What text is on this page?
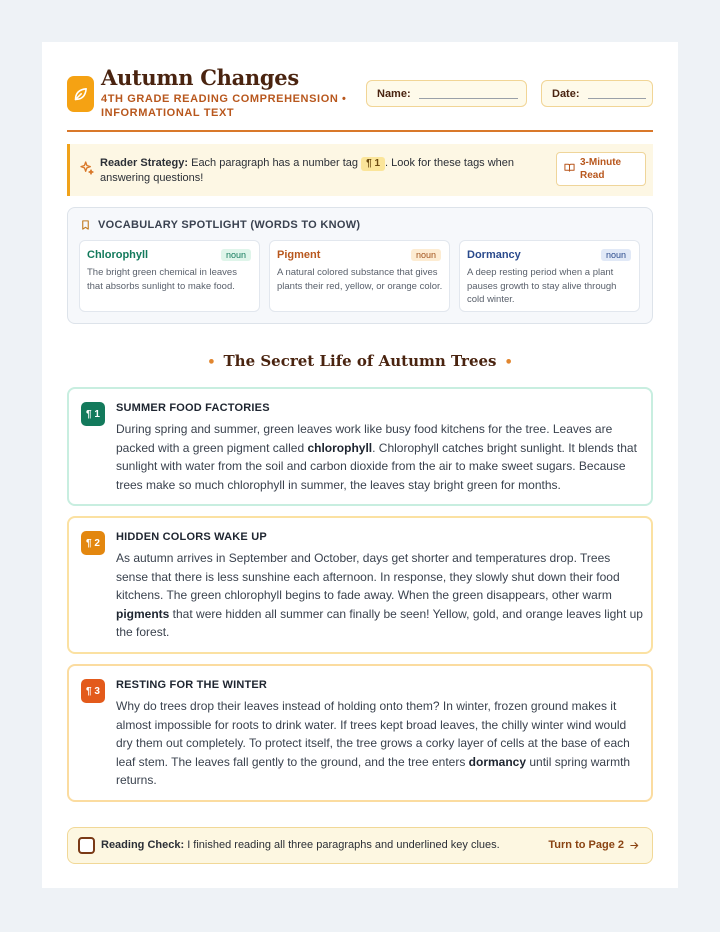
Autumn Changes
4TH GRADE READING COMPREHENSION • INFORMATIONAL TEXT
Name:	Date:
Reader Strategy: Each paragraph has a number tag ¶ 1 . Look for these tags when answering questions!
3-Minute Read
VOCABULARY SPOTLIGHT (WORDS TO KNOW)
Chlorophyll	noun
The bright green chemical in leaves that absorbs sunlight to make food.
Pigment	noun
A natural colored substance that gives plants their red, yellow, or orange color.
Dormancy	noun
A deep resting period when a plant pauses growth to stay alive through cold winter.
• The Secret Life of Autumn Trees •
¶ 1	SUMMER FOOD FACTORIES
During spring and summer, green leaves work like busy food kitchens for the tree. Leaves are packed with a green pigment called chlorophyll. Chlorophyll catches bright sunlight. It blends that sunlight with water from the soil and carbon dioxide from the air to make sweet sugars. Because trees make so much chlorophyll in summer, the leaves stay bright green for months.
¶ 2	HIDDEN COLORS WAKE UP
As autumn arrives in September and October, days get shorter and temperatures drop. Trees sense that there is less sunshine each afternoon. In response, they slowly shut down their food kitchens. The green chlorophyll begins to fade away. When the green disappears, other warm pigments that were hidden all summer can finally be seen! Yellow, gold, and orange leaves light up the forest.
¶ 3	RESTING FOR THE WINTER
Why do trees drop their leaves instead of holding onto them? In winter, frozen ground makes it almost impossible for roots to drink water. If trees kept broad leaves, the chilly winter wind would dry them out completely. To protect itself, the tree grows a corky layer of cells at the base of each leaf stem. The leaves fall gently to the ground, and the tree enters dormancy until spring warmth returns.
Reading Check: I finished reading all three paragraphs and underlined key clues.	Turn to Page 2
